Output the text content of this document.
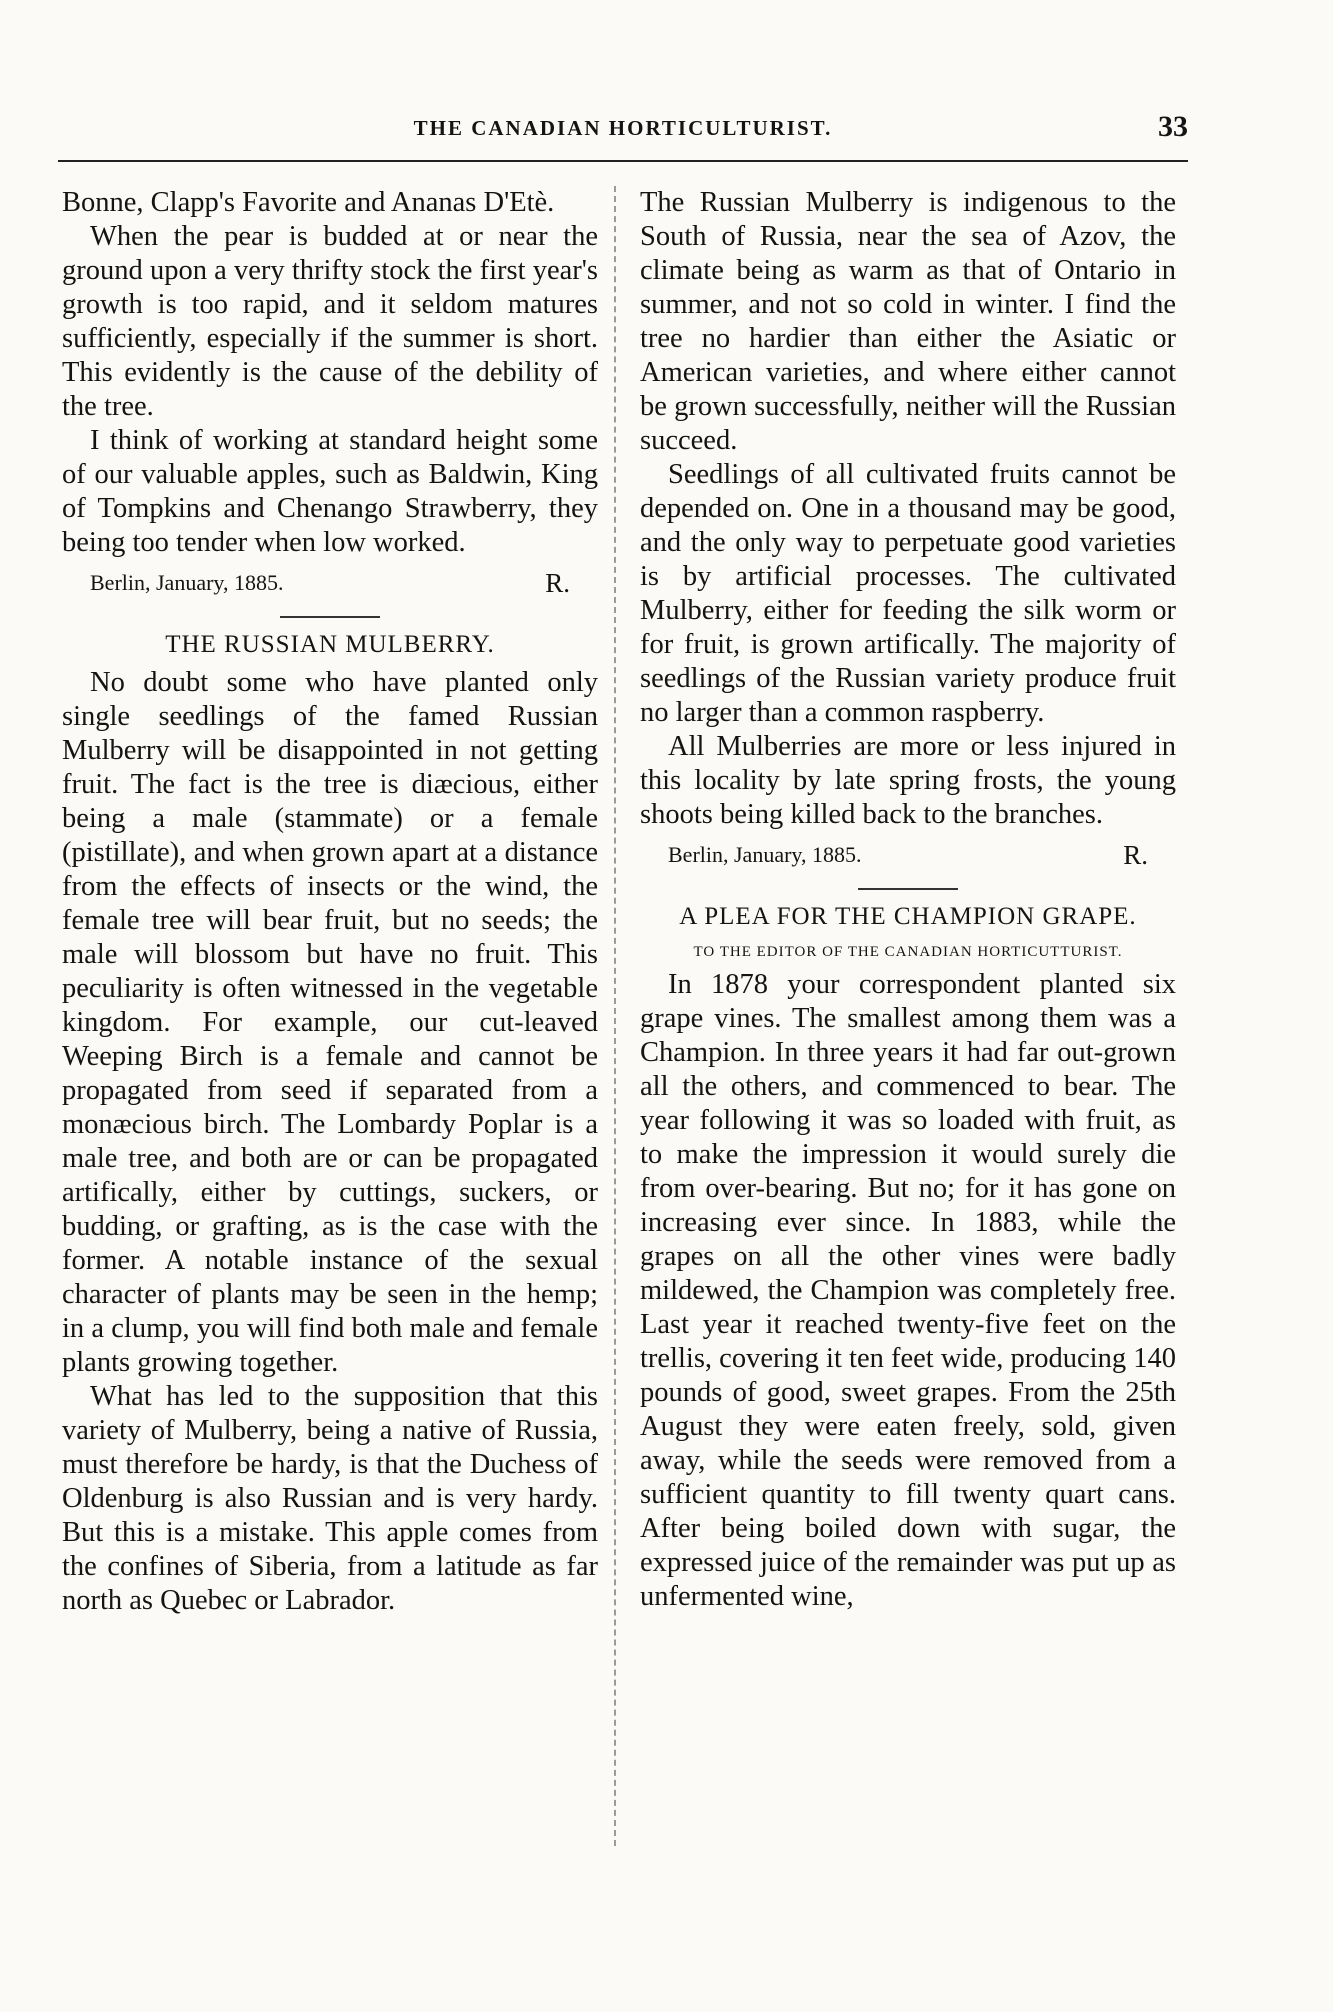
THE CANADIAN HORTICULTURIST.	33

Bonne, Clapp's Favorite and Ananas D'Etè.

When the pear is budded at or near the ground upon a very thrifty stock the first year's growth is too rapid, and it seldom matures sufficiently, especially if the summer is short. This evidently is the cause of the debility of the tree.

I think of working at standard height some of our valuable apples, such as Baldwin, King of Tompkins and Chenango Strawberry, they being too tender when low worked.

Berlin, January, 1885.	R.
THE RUSSIAN MULBERRY.

No doubt some who have planted only single seedlings of the famed Russian Mulberry will be disappointed in not getting fruit. The fact is the tree is diæcious, either being a male (stammate) or a female (pistillate), and when grown apart at a distance from the effects of insects or the wind, the female tree will bear fruit, but no seeds; the male will blossom but have no fruit. This peculiarity is often witnessed in the vegetable kingdom. For example, our cut-leaved Weeping Birch is a female and cannot be propagated from seed if separated from a monæcious birch. The Lombardy Poplar is a male tree, and both are or can be propagated artifically, either by cuttings, suckers, or budding, or grafting, as is the case with the former. A notable instance of the sexual character of plants may be seen in the hemp; in a clump, you will find both male and female plants growing together.

What has led to the supposition that this variety of Mulberry, being a native of Russia, must therefore be hardy, is that the Duchess of Oldenburg is also Russian and is very hardy. But this is a mistake. This apple comes from the confines of Siberia, from a latitude as far north as Quebec or Labrador.

The Russian Mulberry is indigenous to the South of Russia, near the sea of Azov, the climate being as warm as that of Ontario in summer, and not so cold in winter. I find the tree no hardier than either the Asiatic or American varieties, and where either cannot be grown successfully, neither will the Russian succeed.

Seedlings of all cultivated fruits cannot be depended on. One in a thousand may be good, and the only way to perpetuate good varieties is by artificial processes. The cultivated Mulberry, either for feeding the silk worm or for fruit, is grown artifically. The majority of seedlings of the Russian variety produce fruit no larger than a common raspberry.

All Mulberries are more or less injured in this locality by late spring frosts, the young shoots being killed back to the branches.

Berlin, January, 1885.	R.
A PLEA FOR THE CHAMPION GRAPE.
TO THE EDITOR OF THE CANADIAN HORTICUTTURIST.

In 1878 your correspondent planted six grape vines. The smallest among them was a Champion. In three years it had far out-grown all the others, and commenced to bear. The year following it was so loaded with fruit, as to make the impression it would surely die from over-bearing. But no; for it has gone on increasing ever since. In 1883, while the grapes on all the other vines were badly mildewed, the Champion was completely free. Last year it reached twenty-five feet on the trellis, covering it ten feet wide, producing 140 pounds of good, sweet grapes. From the 25th August they were eaten freely, sold, given away, while the seeds were removed from a sufficient quantity to fill twenty quart cans. After being boiled down with sugar, the expressed juice of the remainder was put up as unfermented wine,
